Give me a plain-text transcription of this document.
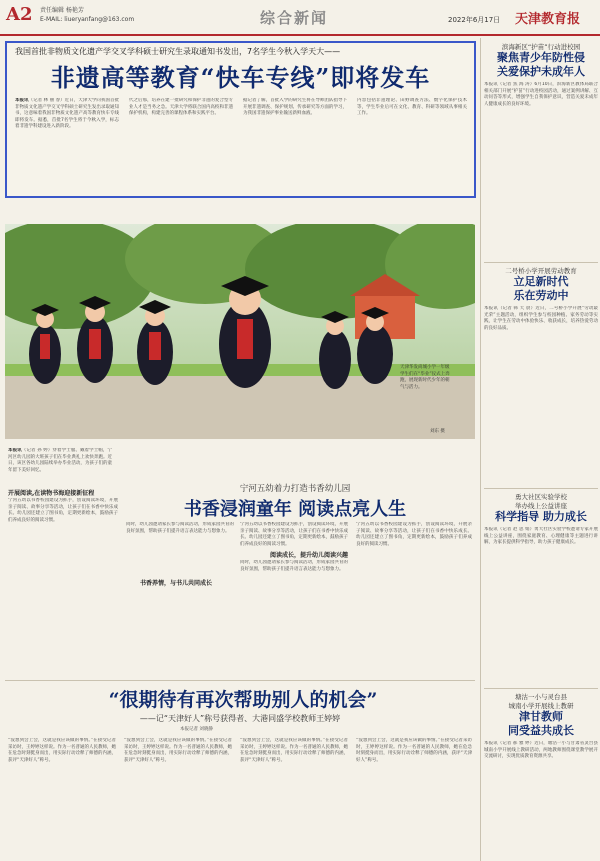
A2 责任编辑 杨艳芳
E-MAIL: liueryanfang@163.com	综合新闻	2022年6月17日 天津教育报
我国首批非物质文化遗产学交叉学科硕士研究生录取通知书发出，7名学生今秋入学天大——
非遗高等教育“快车专线”即将发车
本报讯（记者 林 丽 春）近日，天津大学向我国首批非物质文化遗产学交叉学科硕士研究生发出录取通知书，这意味着我国非物质文化遗产高等教育快车专线即将发车。据悉，首批7名学生将于今秋入学，标志着非遗学科建设进入新阶段。
代之后那，培养在建一批研究和保护非遗的复合型专业人才是当务之急。天津大学将联合国内高校和非遗保护机构，构建完善的课程体系和实践平台。
据记者了解，首批入学的研究生将在导师团队指导下开展非遗调查、保护规划、传承研究等方面的学习，为我国非遗保护事业输送新鲜血液。
内容包括非遗理论、田野调查方法、数字化保护技术等，学生毕业后可在文化、教育、科研等领域从事相关工作。
天津华发尚城小学一年级学生们在“毕业”仪式上奔跑，展现新时代少年的朝气与活力。
刘东 摄
本报讯（记者 孙 婷）穿着学士服、戴着学士帽，宁河区幼儿园的大班孩子们在毕业典礼上欢快奔跑。近日，该区各幼儿园陆续举办毕业活动，为孩子们的童年留下美好回忆。
开展阅读,在读物书海迎接新征程
宁河五幼以书香校园建设为抓手，创设阅读环境，开展亲子阅读、故事分享等活动，让孩子们在书香中快乐成长。幼儿园还建立了图书角，定期更新绘本，鼓励孩子们养成良好的阅读习惯。
宁河五幼着力打造书香幼儿园
书香浸润童年 阅读点亮人生
同时，幼儿园邀请家长参与阅读活动，形成家园共育的良好氛围，帮助孩子们提升语言表达能力与想象力。
书香养情，与书儿共同成长
阅读成长，提升幼儿阅读兴趣
宁河五幼以书香校园建设为抓手，创设阅读环境，开展亲子阅读、故事分享等活动，让孩子们在书香中快乐成长。幼儿园还建立了图书角，定期更新绘本，鼓励孩子们养成良好的阅读习惯。
同时，幼儿园邀请家长参与阅读活动，形成家园共育的良好氛围，帮助孩子们提升语言表达能力与想象力。
宁河五幼以书香校园建设为抓手，创设阅读环境，开展亲子阅读、故事分享等活动，让孩子们在书香中快乐成长。幼儿园还建立了图书角，定期更新绘本，鼓励孩子们养成良好的阅读习惯。
“很期待有再次帮助别人的机会”
——记“天津好人”称号获得者、大港同盛学校教师王婷婷
本报记者 刘晓静
“没想到会上会，这就是我应该做的事情。”在接受记者采访时，王婷婷这样说。作为一名普通的人民教师，她在危急时刻挺身而出，用实际行动诠释了师德的内涵，获评“天津好人”称号。
“没想到会上会，这就是我应该做的事情。”在接受记者采访时，王婷婷这样说。作为一名普通的人民教师，她在危急时刻挺身而出，用实际行动诠释了师德的内涵，获评“天津好人”称号。
“没想到会上会，这就是我应该做的事情。”在接受记者采访时，王婷婷这样说。作为一名普通的人民教师，她在危急时刻挺身而出，用实际行动诠释了师德的内涵，获评“天津好人”称号。
“没想到会上会，这就是我应该做的事情。”在接受记者采访时，王婷婷这样说。作为一名普通的人民教师，她在危急时刻挺身而出，用实际行动诠释了师德的内涵，获评“天津好人”称号。
滨海新区“护苗”行动进校园
聚焦青少年防性侵
关爱保护未成年人
本报讯（记者 焦 海 涛）6月10日，滨海新区教体局联合相关部门开展“护苗”行动进校园活动，通过案例讲解、互动问答等形式，增强学生自我保护意识，营造关爱未成年人健康成长的良好环境。
二号桥小学开展劳动教育
立足新时代
乐在劳动中
本报讯（记者 韩 天 晨）近日，二号桥小学开展“劳动最光荣”主题活动，组织学生参与校园种植、家务劳动等实践，让学生在劳动中体验快乐、收获成长，培养热爱劳动的良好品质。
勇大社区实验学校
举办线上公益讲座
科学指导 助力成长
本报讯（记者 赵 思 娟）勇大社区实验学校邀请专家开展线上公益讲座，围绕家庭教育、心理健康等主题进行讲解，为家长提供科学指导，助力孩子健康成长。
塘沽一小与灵台县
城南小学开展线上教研
津甘教师
同受益共成长
本报讯（记者 郝 雅 婷）近日，塘沽一小与甘肃省灵台县城南小学开展线上教研活动，两地教师围绕课堂教学展开交流研讨，实现优质教育资源共享。
